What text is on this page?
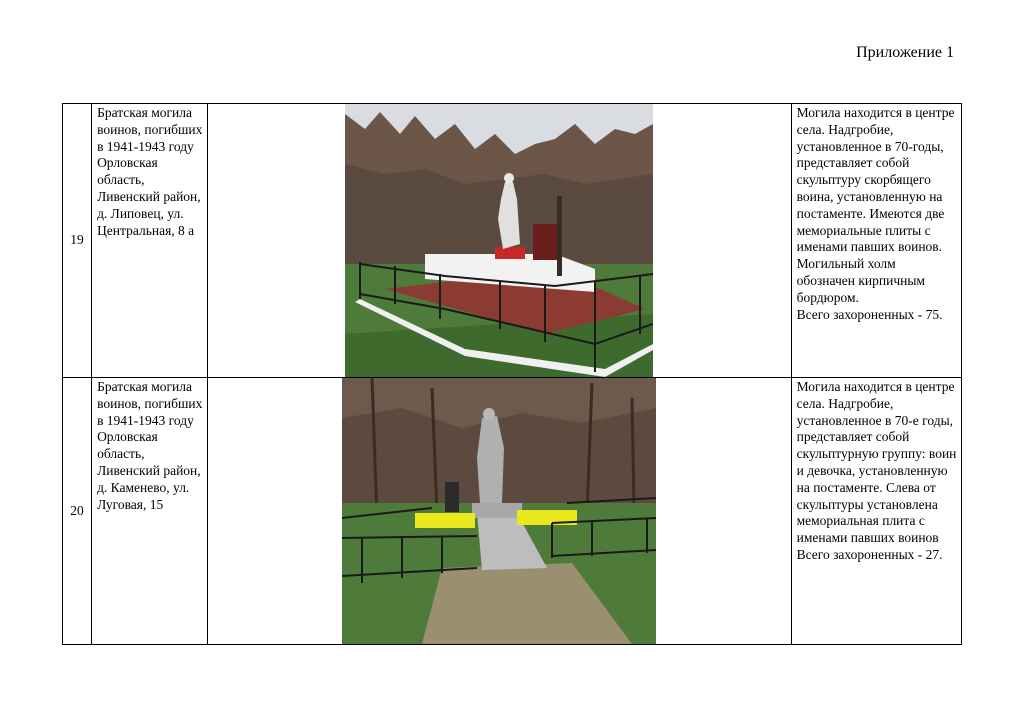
Приложение 1
19	Братская могила воинов, погибших в 1941-1943 году Орловская область, Ливенский район, д. Липовец, ул. Центральная, 8 а		Могила находится в центре села. Надгробие, установленное в 70-годы, представляет собой скульптуру скорбящего воина, установленную на постаменте. Имеются две мемориальные плиты с именами павших воинов. Могильный холм обозначен кирпичным бордюром.
Всего захороненных - 75.
20	Братская могила воинов, погибших в 1941-1943 году Орловская область, Ливенский район, д. Каменево, ул. Луговая, 15		Могила находится в центре села. Надгробие, установленное в 70-е годы, представляет собой скульптурную группу: воин и девочка, установленную на постаменте. Слева от скульптуры установлена мемориальная плита с именами павших воинов Всего захороненных - 27.
